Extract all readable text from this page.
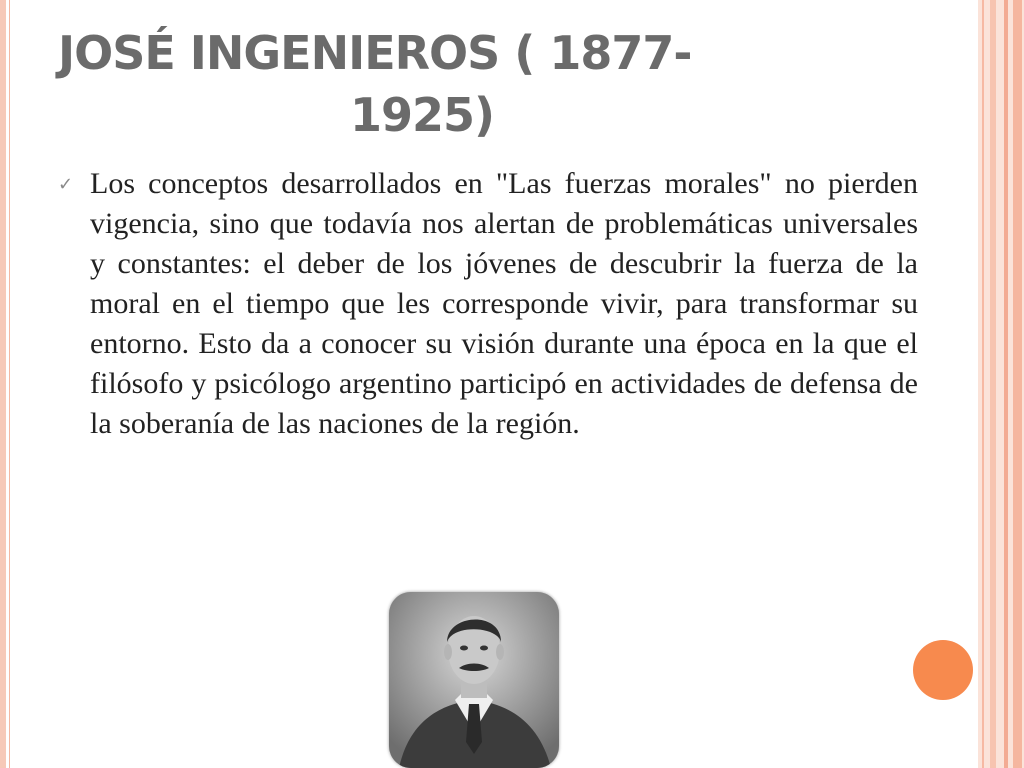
JOSÉ INGENIEROS ( 1877-
1925)
✓ Los conceptos desarrollados en "Las fuerzas morales" no pierden vigencia, sino que todavía nos alertan de problemáticas universales y constantes: el deber de los jóvenes de descubrir la fuerza de la moral en el tiempo que les corresponde vivir, para transformar su entorno. Esto da a conocer su visión durante una época en la que el filósofo y psicólogo argentino participó en actividades de defensa de la soberanía de las naciones de la región.
